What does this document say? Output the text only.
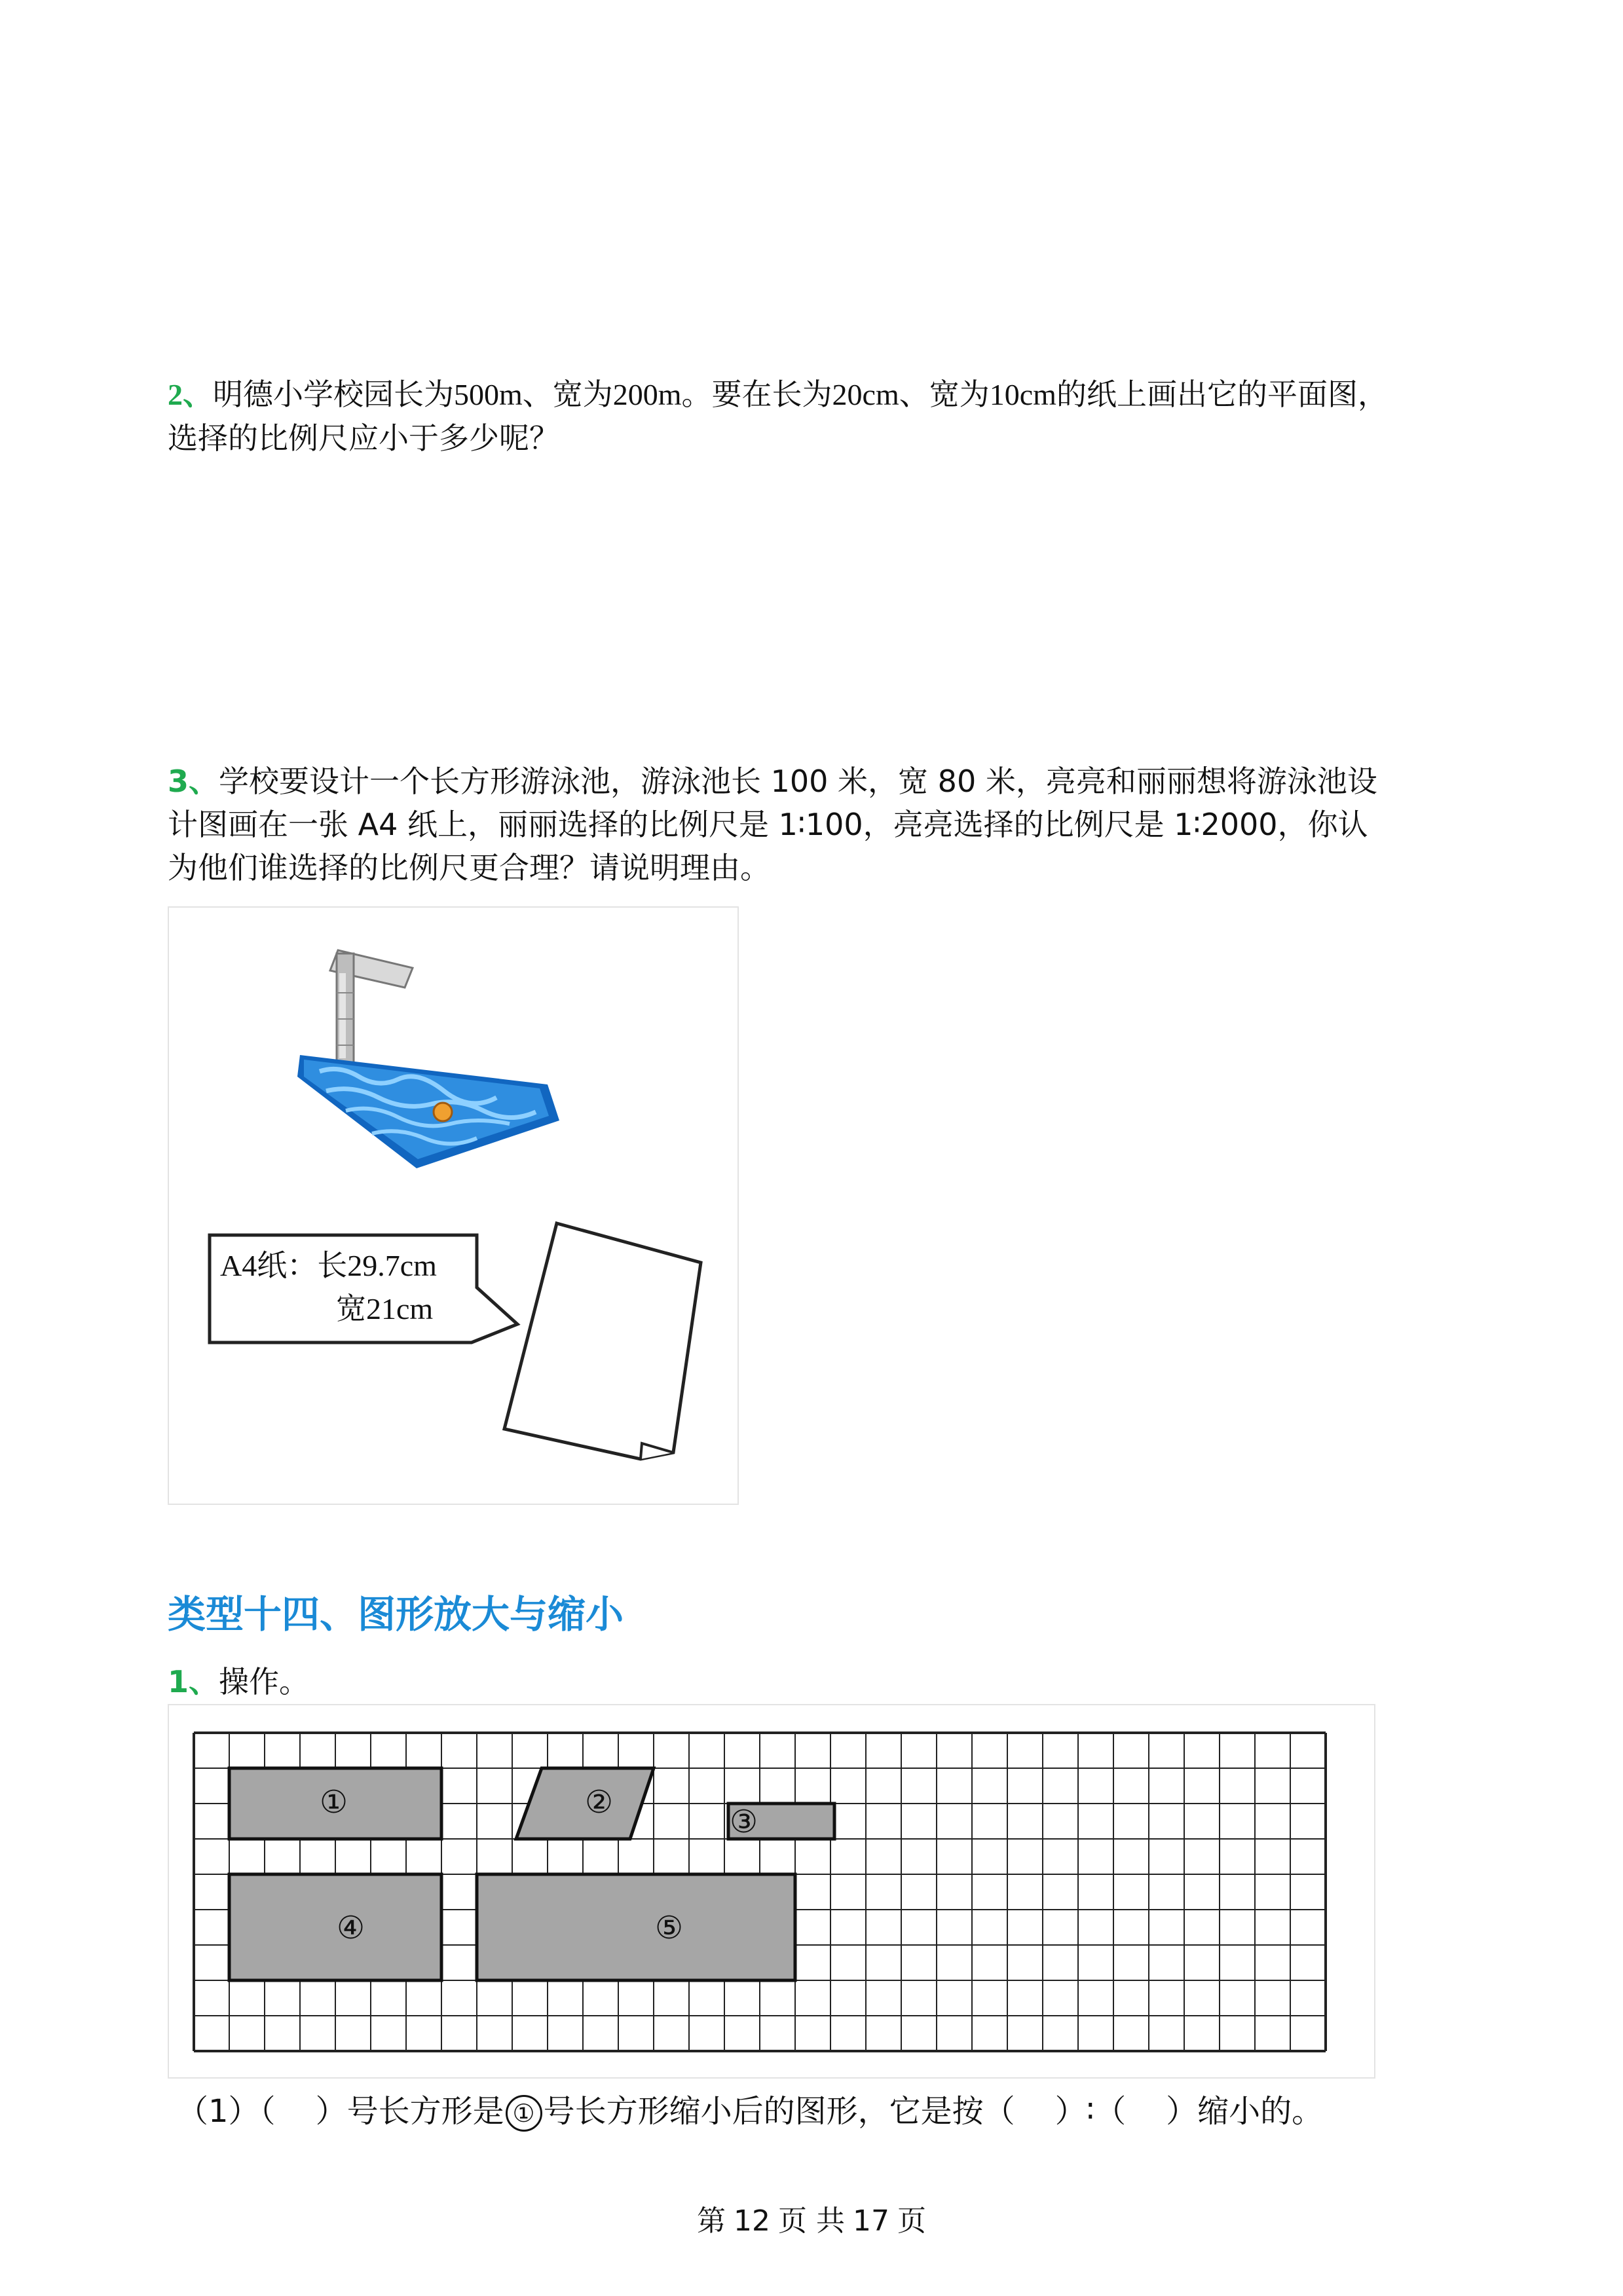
2、明德小学校园长为500m、宽为200m。要在长为20cm、宽为10cm的纸上画出它的平面图，
选择的比例尺应小于多少呢？
3、学校要设计一个长方形游泳池，游泳池长 100 米，宽 80 米，亮亮和丽丽想将游泳池设
计图画在一张 A4 纸上，丽丽选择的比例尺是 1∶100，亮亮选择的比例尺是 1∶2000，你认
为他们谁选择的比例尺更合理？请说明理由。
A4纸：长29.7cm
宽21cm
类型十四、图形放大与缩小
1、操作。
①	②
③
④	⑤
（1）（    ）号长方形是 ① 号长方形缩小后的图形，它是按（    ）∶（    ）缩小的。
第 12 页 共 17 页
